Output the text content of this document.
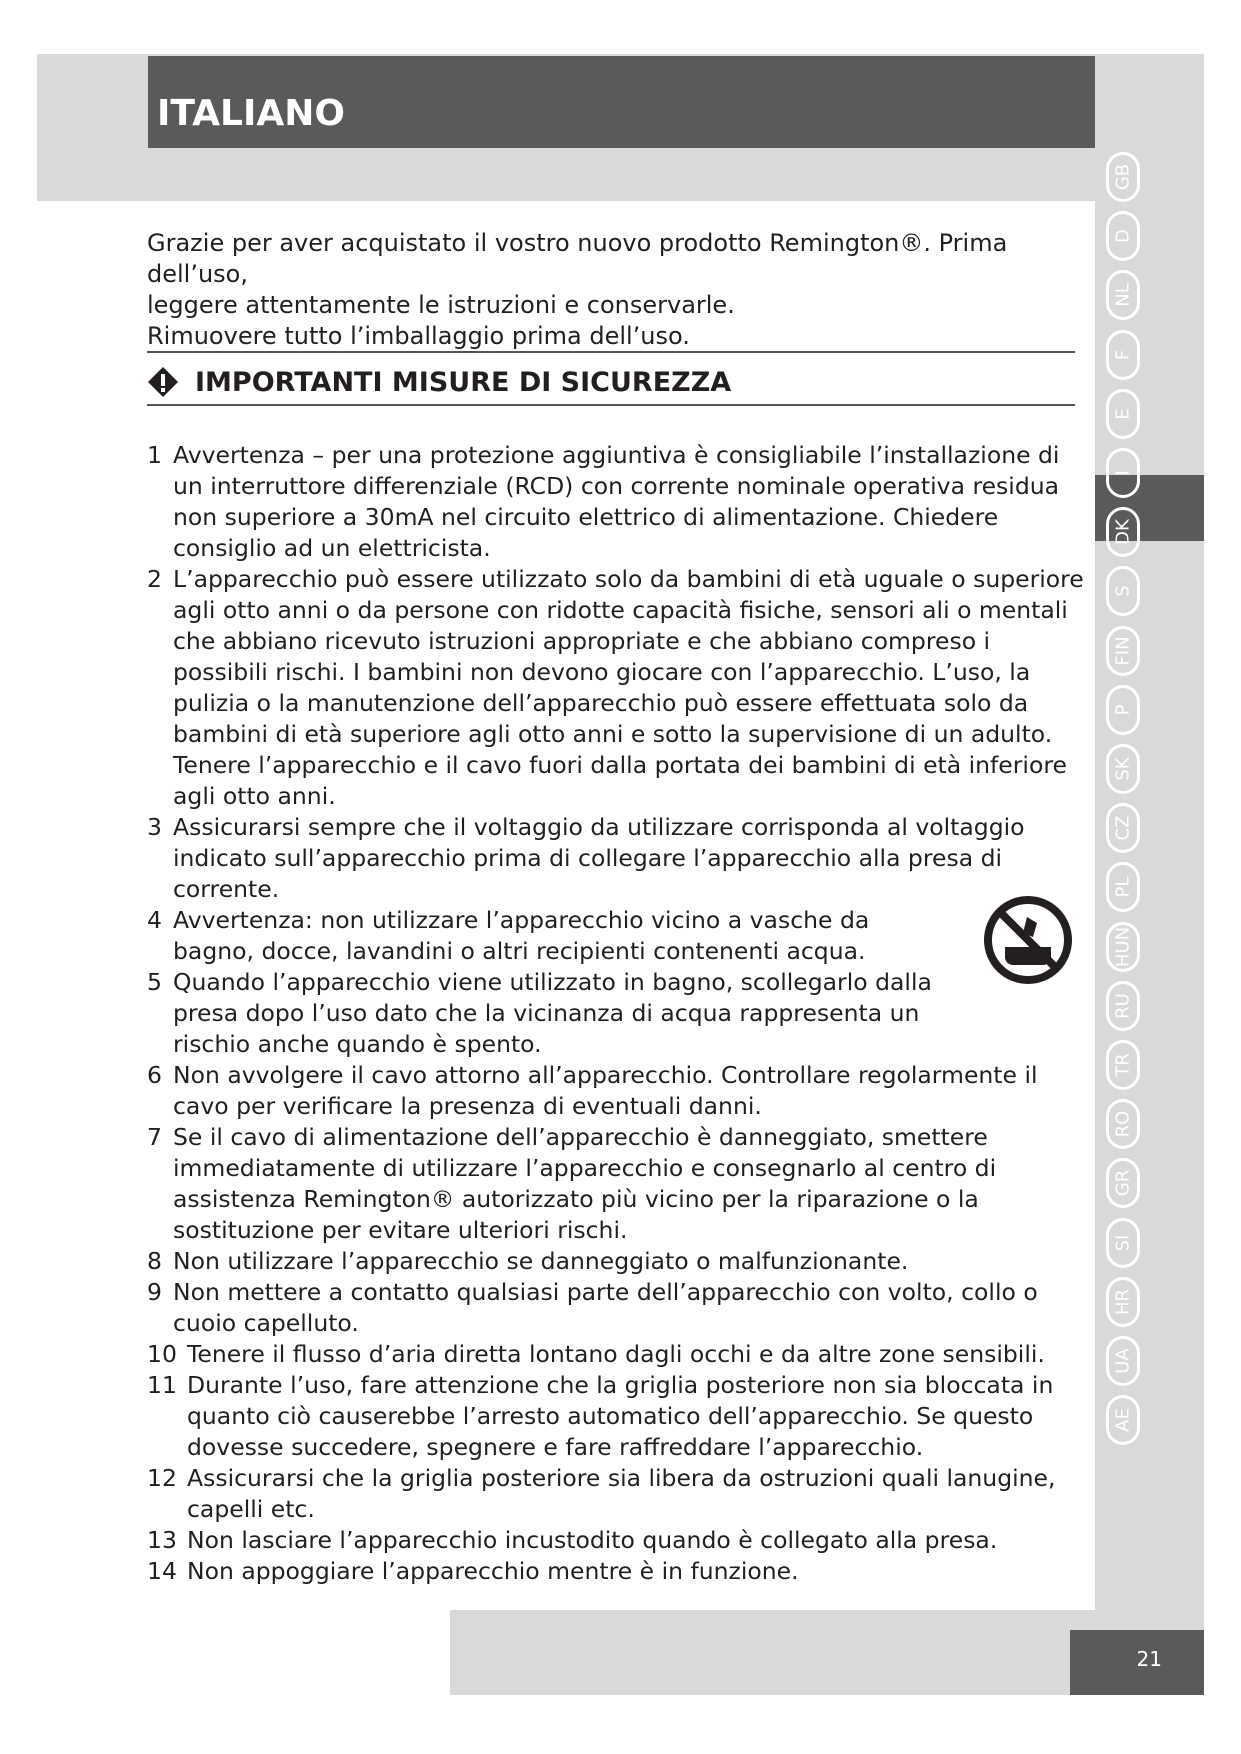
ITALIANO
GB
D
NL
F
E
I
DK
S
FIN
P
SK
CZ
PL
HUN
RU
TR
RO
GR
SI
HR
UA
AE
21

Grazie per aver acquistato il vostro nuovo prodotto Remington®. Prima dell’uso,

leggere attentamente le istruzioni e conservarle.

Rimuovere tutto l’imballaggio prima dell’uso.

IMPORTANTI MISURE DI SICUREZZA
1 Avvertenza – per una protezione aggiuntiva è consigliabile l’installazione di un interruttore differenziale (RCD) con corrente nominale operativa residua non superiore a 30mA nel circuito elettrico di alimentazione. Chiedere consiglio ad un elettricista.
2 L’apparecchio può essere utilizzato solo da bambini di età uguale o superiore agli otto anni o da persone con ridotte capacità fisiche, sensori ali o mentali che abbiano ricevuto istruzioni appropriate e che abbiano compreso i possibili rischi. I bambini non devono giocare con l’apparecchio. L’uso, la pulizia o la manutenzione dell’apparecchio può essere effettuata solo da bambini di età superiore agli otto anni e sotto la supervisione di un adulto. Tenere l’apparecchio e il cavo fuori dalla portata dei bambini di età inferiore agli otto anni.
3 Assicurarsi sempre che il voltaggio da utilizzare corrisponda al voltaggio indicato sull’apparecchio prima di collegare l’apparecchio alla presa di corrente.
4 Avvertenza: non utilizzare l’apparecchio vicino a vasche da bagno, docce, lavandini o altri recipienti contenenti acqua.
5 Quando l’apparecchio viene utilizzato in bagno, scollegarlo dalla presa dopo l’uso dato che la vicinanza di acqua rappresenta un rischio anche quando è spento.
6 Non avvolgere il cavo attorno all’apparecchio. Controllare regolarmente il cavo per verificare la presenza di eventuali danni.
7 Se il cavo di alimentazione dell’apparecchio è danneggiato, smettere immediatamente di utilizzare l’apparecchio e consegnarlo al centro di assistenza Remington® autorizzato più vicino per la riparazione o la sostituzione per evitare ulteriori rischi.
8 Non utilizzare l’apparecchio se danneggiato o malfunzionante.
9 Non mettere a contatto qualsiasi parte dell’apparecchio con volto, collo o cuoio capelluto.
10 Tenere il flusso d’aria diretta lontano dagli occhi e da altre zone sensibili.
11 Durante l’uso, fare attenzione che la griglia posteriore non sia bloccata in quanto ciò causerebbe l’arresto automatico dell’apparecchio. Se questo dovesse succedere, spegnere e fare raffreddare l’apparecchio.
12 Assicurarsi che la griglia posteriore sia libera da ostruzioni quali lanugine, capelli etc.
13 Non lasciare l’apparecchio incustodito quando è collegato alla presa.
14 Non appoggiare l’apparecchio mentre è in funzione.
